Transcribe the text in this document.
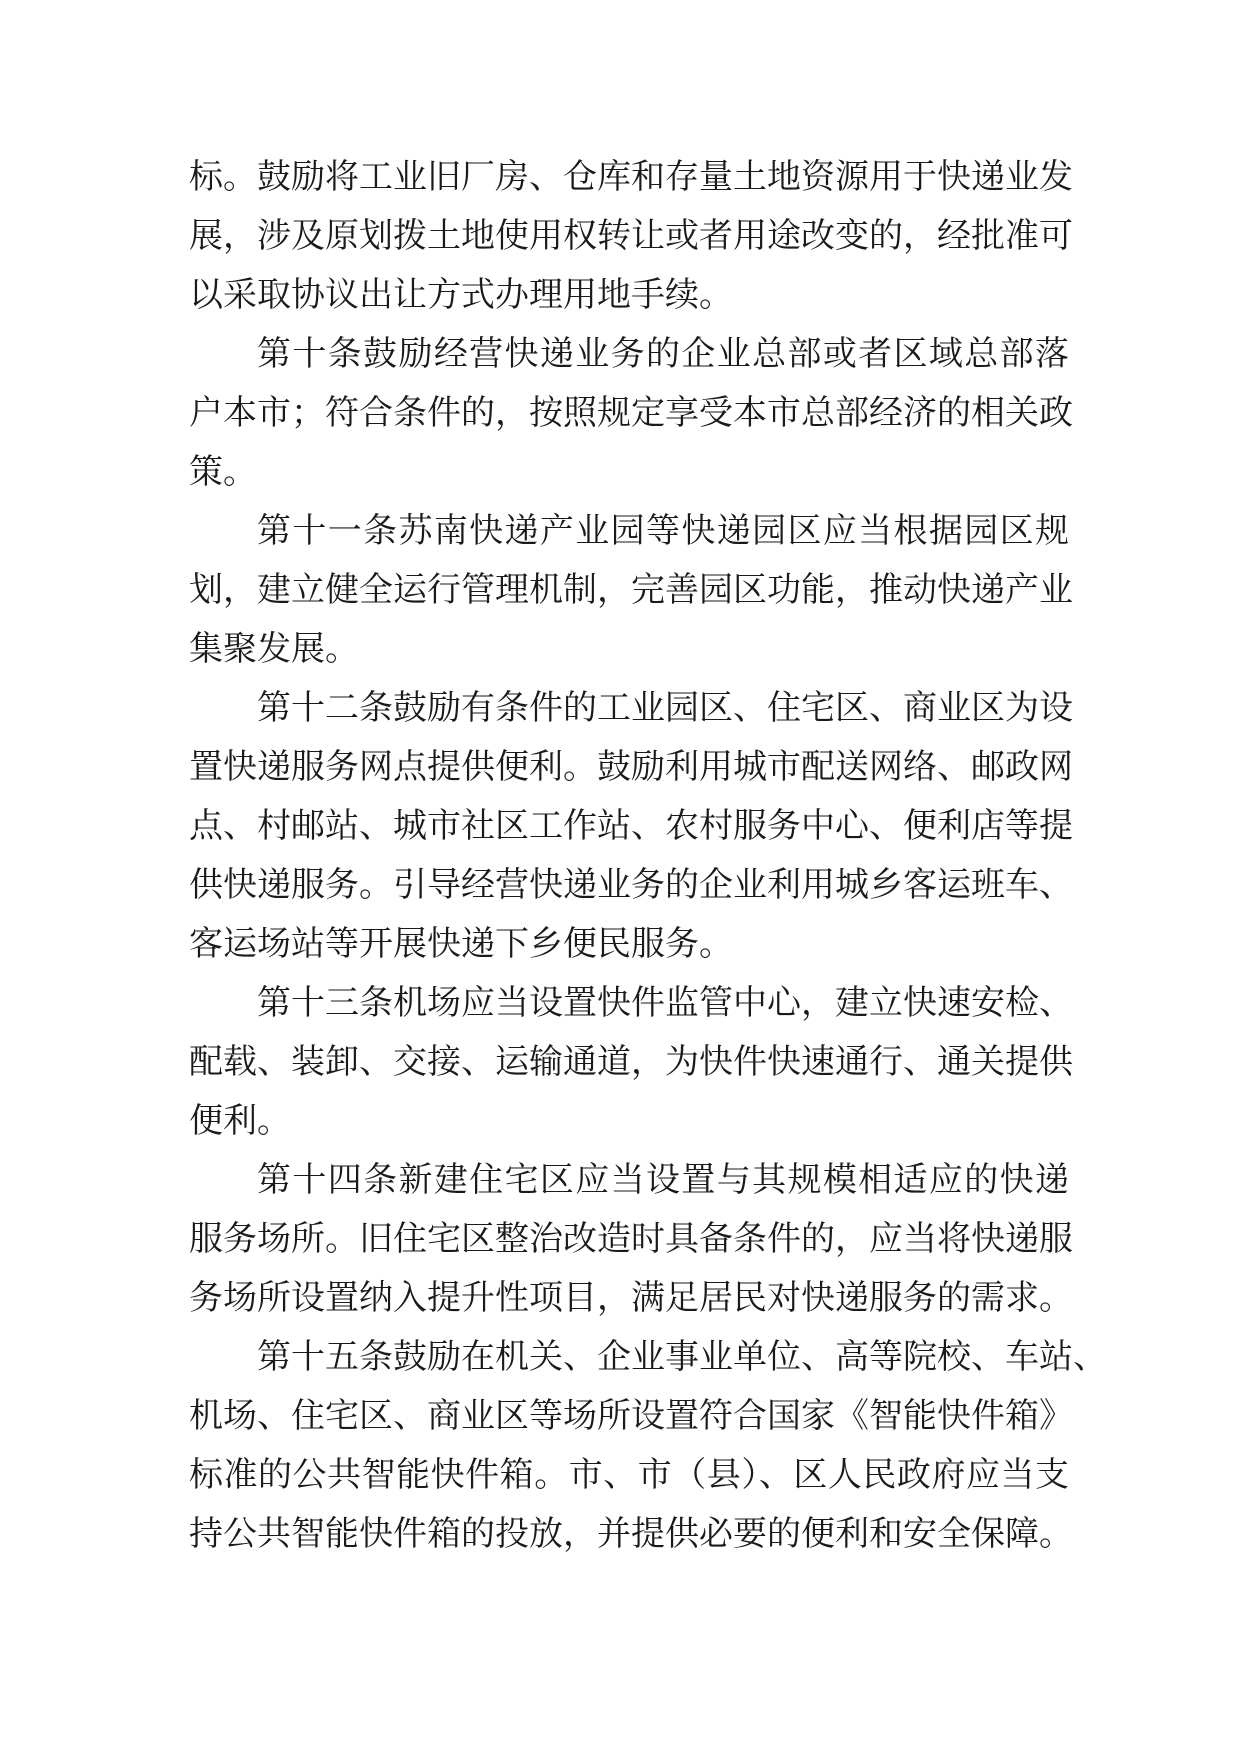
标。鼓励将工业旧厂房、仓库和存量土地资源用于快递业发
展，涉及原划拨土地使用权转让或者用途改变的，经批准可
以采取协议出让方式办理用地手续。
第十条鼓励经营快递业务的企业总部或者区域总部落
户本市；符合条件的，按照规定享受本市总部经济的相关政
策。
第十一条苏南快递产业园等快递园区应当根据园区规
划，建立健全运行管理机制，完善园区功能，推动快递产业
集聚发展。
第十二条鼓励有条件的工业园区、住宅区、商业区为设
置快递服务网点提供便利。鼓励利用城市配送网络、邮政网
点、村邮站、城市社区工作站、农村服务中心、便利店等提
供快递服务。引导经营快递业务的企业利用城乡客运班车、
客运场站等开展快递下乡便民服务。
第十三条机场应当设置快件监管中心，建立快速安检、
配载、装卸、交接、运输通道，为快件快速通行、通关提供
便利。
第十四条新建住宅区应当设置与其规模相适应的快递
服务场所。旧住宅区整治改造时具备条件的，应当将快递服
务场所设置纳入提升性项目，满足居民对快递服务的需求。
第十五条鼓励在机关、企业事业单位、高等院校、车站、
机场、住宅区、商业区等场所设置符合国家《智能快件箱》
标准的公共智能快件箱。市、市（县）、区人民政府应当支
持公共智能快件箱的投放，并提供必要的便利和安全保障。
